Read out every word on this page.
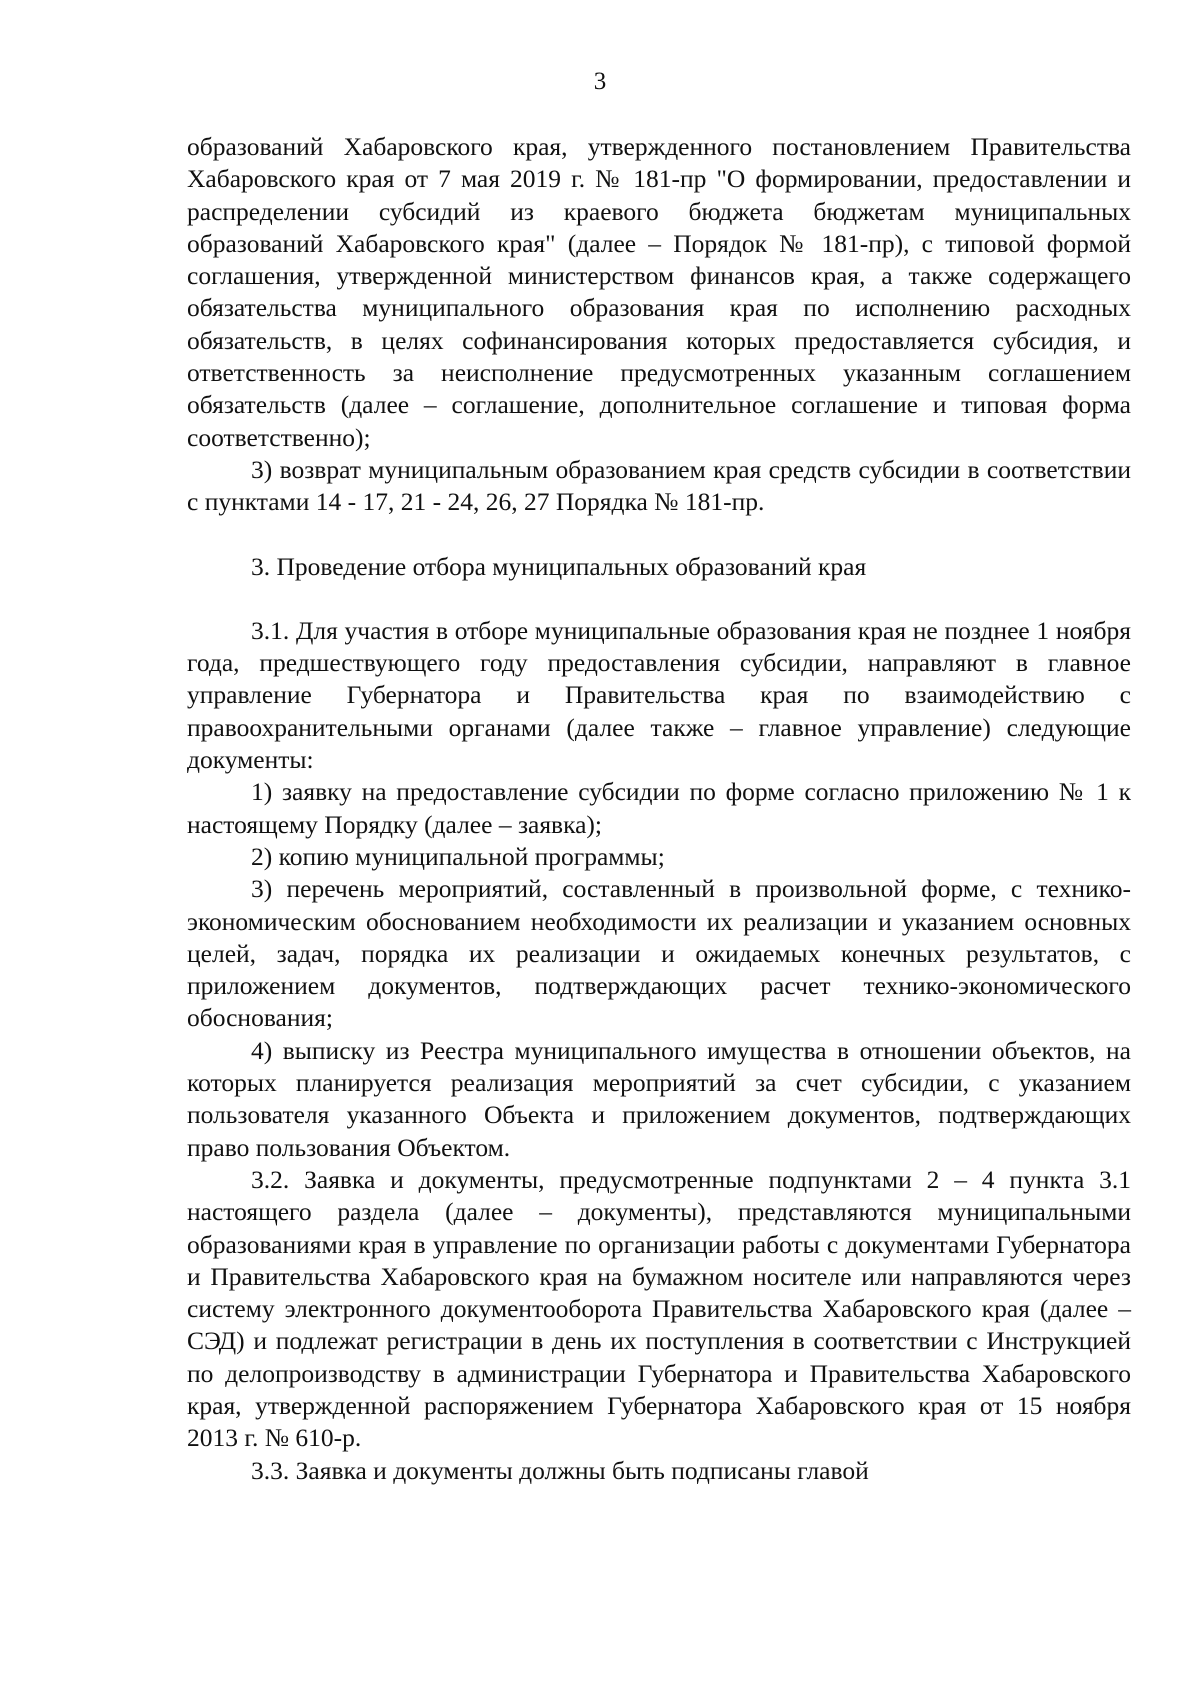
3

образований Хабаровского края, утвержденного постановлением Правительства Хабаровского края от 7 мая 2019 г. № 181-пр "О формировании, предоставлении и распределении субсидий из краевого бюджета бюджетам муниципальных образований Хабаровского края" (далее – Порядок № 181-пр), с типовой формой соглашения, утвержденной министерством финансов края, а также содержащего обязательства муниципального образования края по исполнению расходных обязательств, в целях софинансирования которых предоставляется субсидия, и ответственность за неисполнение предусмотренных указанным соглашением обязательств (далее – соглашение, дополнительное соглашение и типовая форма соответственно);

3) возврат муниципальным образованием края средств субсидии в соответствии с пунктами 14 - 17, 21 - 24, 26, 27 Порядка № 181-пр.

3. Проведение отбора муниципальных образований края

3.1. Для участия в отборе муниципальные образования края не позднее 1 ноября года, предшествующего году предоставления субсидии, направляют в главное управление Губернатора и Правительства края по взаимодействию с правоохранительными органами (далее также – главное управление) следующие документы:

1) заявку на предоставление субсидии по форме согласно приложению № 1 к настоящему Порядку (далее – заявка);

2) копию муниципальной программы;

3) перечень мероприятий, составленный в произвольной форме, с технико-экономическим обоснованием необходимости их реализации и указанием основных целей, задач, порядка их реализации и ожидаемых конечных результатов, с приложением документов, подтверждающих расчет технико-экономического обоснования;

4) выписку из Реестра муниципального имущества в отношении объектов, на которых планируется реализация мероприятий за счет субсидии, с указанием пользователя указанного Объекта и приложением документов, подтверждающих право пользования Объектом.

3.2. Заявка и документы, предусмотренные подпунктами 2 – 4 пункта 3.1 настоящего раздела (далее – документы), представляются муниципальными образованиями края в управление по организации работы с документами Губернатора и Правительства Хабаровского края на бумажном носителе или направляются через систему электронного документооборота Правительства Хабаровского края (далее – СЭД) и подлежат регистрации в день их поступления в соответствии с Инструкцией по делопроизводству в администрации Губернатора и Правительства Хабаровского края, утвержденной распоряжением Губернатора Хабаровского края от 15 ноября 2013 г. № 610-р.

3.3. Заявка и документы должны быть подписаны главой
